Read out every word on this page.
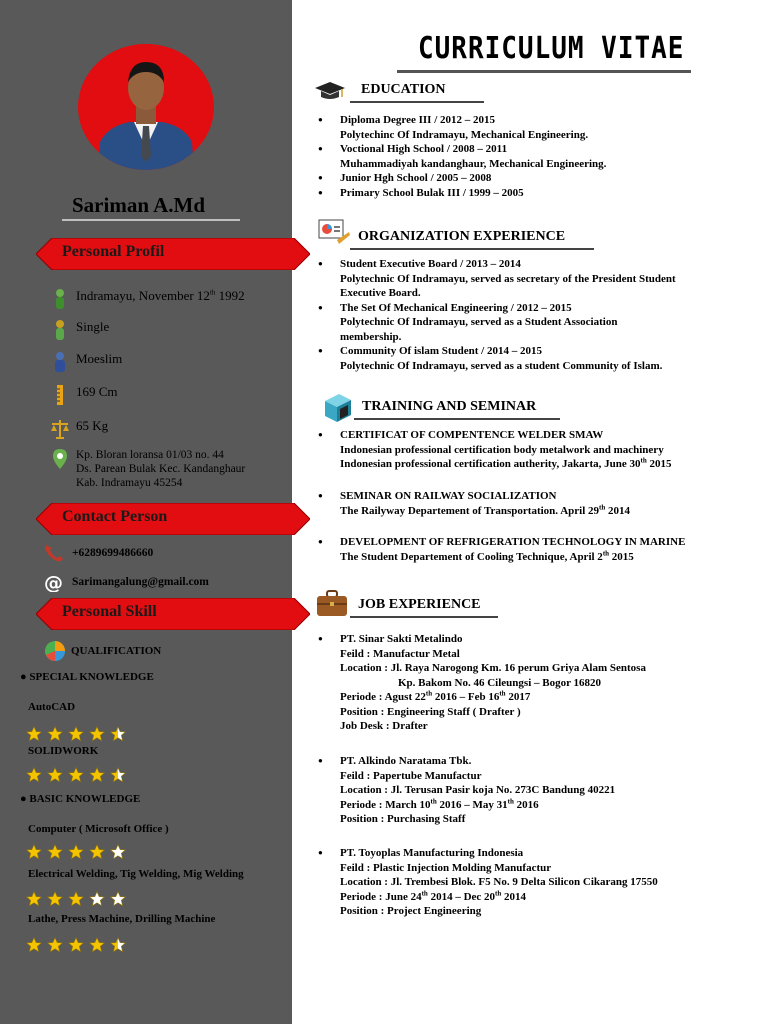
Sariman A.Md
Personal Profil
Indramayu, November 12th 1992
Single
Moeslim
169 Cm
65 Kg
Kp. Bloran loransa 01/03 no. 44
Ds. Parean Bulak Kec. Kandanghaur
Kab. Indramayu 45254
Contact Person
+6289699486660
@ Sarimangalung@gmail.com
Personal Skill
QUALIFICATION
● SPECIAL KNOWLEDGE
AutoCAD
SOLIDWORK
● BASIC KNOWLEDGE
Computer ( Microsoft Office )
Electrical Welding, Tig Welding, Mig Welding
Lathe, Press Machine, Drilling Machine
CURRICULUM VITAE
EDUCATION
● Diploma Degree III / 2012 – 2015
Polytechinc Of Indramayu, Mechanical Engineering.
● Voctional High School / 2008 – 2011
Muhammadiyah kandanghaur, Mechanical Engineering.
● Junior Hgh School / 2005 – 2008
● Primary School Bulak III / 1999 – 2005
ORGANIZATION EXPERIENCE
● Student Executive Board / 2013 – 2014
Polytechnic Of Indramayu, served as secretary of the President Student
Executive Board.
● The Set Of Mechanical Engineering / 2012 – 2015
Polytechnic Of Indramayu, served as a Student Association
membership.
● Community Of islam Student / 2014 – 2015
Polytechnic Of Indramayu, served as a student Community of Islam.
TRAINING AND SEMINAR
● CERTIFICAT OF COMPENTENCE WELDER SMAW
Indonesian professional certification body metalwork and machinery
Indonesian professional certification autherity, Jakarta, June 30th 2015
● SEMINAR ON RAILWAY SOCIALIZATION
The Railyway Departement of Transportation. April 29th 2014
● DEVELOPMENT OF REFRIGERATION TECHNOLOGY IN MARINE
The Student Departement of Cooling Technique, April 2th 2015
JOB EXPERIENCE
● PT. Sinar Sakti Metalindo
Feild : Manufactur Metal
Location : Jl. Raya Narogong Km. 16 perum Griya Alam Sentosa
Kp. Bakom No. 46 Cileungsi – Bogor 16820
Periode : Agust 22th 2016 – Feb 16th 2017
Position : Engineering Staff ( Drafter )
Job Desk : Drafter
● PT. Alkindo Naratama Tbk.
Feild : Papertube Manufactur
Location : Jl. Terusan Pasir koja No. 273C Bandung 40221
Periode : March 10th 2016 – May 31th 2016
Position : Purchasing Staff
● PT. Toyoplas Manufacturing Indonesia
Feild : Plastic Injection Molding Manufactur
Location : Jl. Trembesi Blok. F5 No. 9 Delta Silicon Cikarang 17550
Periode : June 24th 2014 – Dec 20th 2014
Position : Project Engineering
